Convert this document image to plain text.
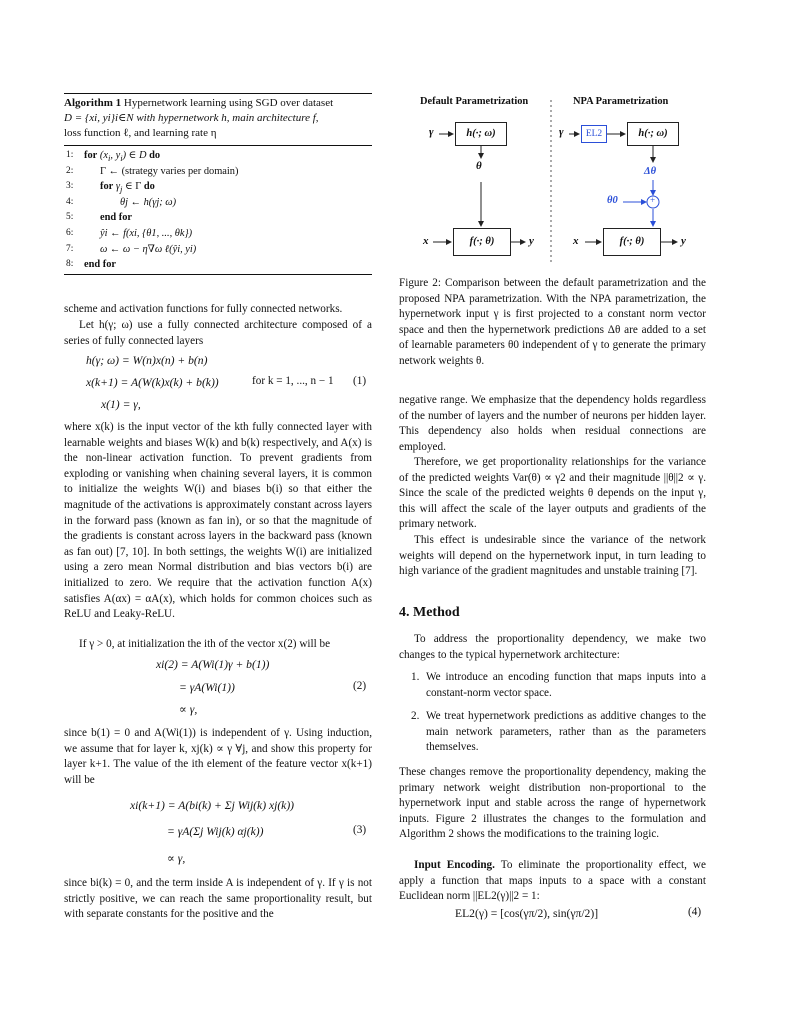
Algorithm 1 Hypernetwork learning using SGD over dataset
D = {xi, yi}i∈N with hypernetwork h, main architecture f,
loss function ℓ, and learning rate η
1:	for ($x_i$, $y_i$) ∈ D do
2:	Γ ← (strategy varies per domain)
3:	for $\gamma_j$ ∈ Γ do
4:	θj ← h(γj; ω)
5:	end for
6:	ŷi ← f(xi, {θ1, ..., θk})
7:	ω ← ω − η∇ω ℓ(ŷi, yi)
8:	end for
Default Parametrization	NPA Parametrization
γ	h(·; ω)
θ
x	f(·; θ)	y
γ	EL2	h(·; ω)
Δθ
θ0	+
x	f(·; θ)	y
Figure 2: Comparison between the default parametrization and the proposed NPA parametrization. With the NPA parametrization, the hypernetwork input γ is first projected to a constant norm vector space and then the hypernetwork predictions Δθ are added to a set of learnable parameters θ0 independent of γ to generate the primary network weights θ.
scheme and activation functions for fully connected networks.
Let h(γ; ω) use a fully connected architecture composed of a series of fully connected layers
h(γ; ω) = W(n)x(n) + b(n)
x(k+1) = A(W(k)x(k) + b(k))	for k = 1, ..., n − 1 (1)
x(1) = γ,
where x(k) is the input vector of the kth fully connected layer with learnable weights and biases W(k) and b(k) respectively, and A(x) is the non-linear activation function. To prevent gradients from exploding or vanishing when chaining several layers, it is common to initialize the weights W(i) and biases b(i) so that either the magnitude of the activations is approximately constant across layers in the forward pass (known as fan in), or so that the magnitude of the gradients is constant across layers in the backward pass (known as fan out) [7, 10]. In both settings, the weights W(i) are initialized using a zero mean Normal distribution and bias vectors b(i) are initialized to zero. We require that the activation function A(x) satisfies A(αx) = αA(x), which holds for common choices such as ReLU and Leaky-ReLU.
If γ > 0, at initialization the ith of the vector x(2) will be
xi(2) = A(Wi(1)γ + b(1))
= γA(Wi(1))	(2)
∝ γ,
since b(1) = 0 and A(Wi(1)) is independent of γ. Using induction, we assume that for layer k, xj(k) ∝ γ ∀j, and show this property for layer k+1. The value of the ith element of the feature vector x(k+1) will be
xi(k+1) = A(bi(k) + Σj Wij(k) xj(k))
= γA(Σj Wij(k) αj(k))	(3)
∝ γ,
since bi(k) = 0, and the term inside A is independent of γ. If γ is not strictly positive, we can reach the same proportionality result, but with separate constants for the positive and the
negative range. We emphasize that the dependency holds regardless of the number of layers and the number of neurons per hidden layer. This dependency also holds when residual connections are employed.
Therefore, we get proportionality relationships for the variance of the predicted weights Var(θ) ∝ γ2 and their magnitude ||θ||2 ∝ γ. Since the scale of the predicted weights θ depends on the input γ, this will affect the scale of the layer outputs and gradients of the primary network.
This effect is undesirable since the variance of the network weights will depend on the hypernetwork input, in turn leading to high variance of the gradient magnitudes and unstable training [7].
4. Method
To address the proportionality dependency, we make two changes to the typical hypernetwork architecture:
1. We introduce an encoding function that maps inputs into a constant-norm vector space.
2. We treat hypernetwork predictions as additive changes to the main network parameters, rather than as the parameters themselves.
These changes remove the proportionality dependency, making the primary network weight distribution non-proportional to the hypernetwork input and stable across the range of hypernetwork inputs. Figure 2 illustrates the changes to the formulation and Algorithm 2 shows the modifications to the training logic.
Input Encoding. To eliminate the proportionality effect, we apply a function that maps inputs to a space with a constant Euclidean norm ||EL2(γ)||2 = 1:
EL2(γ) = [cos(γπ/2), sin(γπ/2)]	(4)
